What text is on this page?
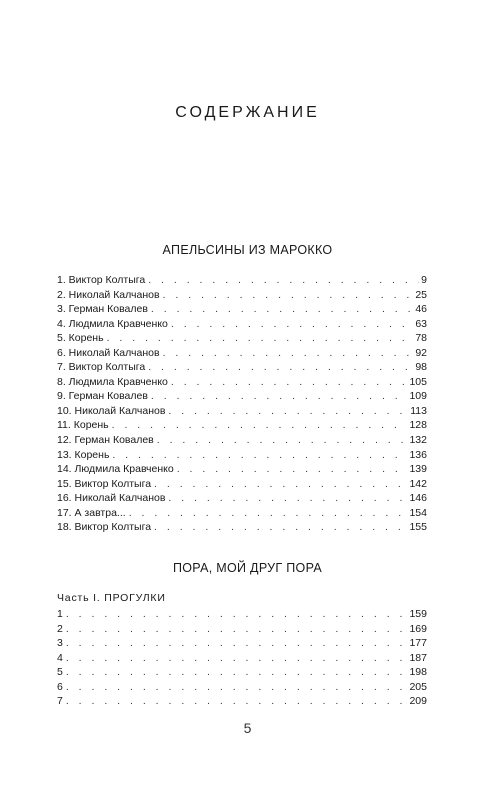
СОДЕРЖАНИЕ
АПЕЛЬСИНЫ ИЗ МАРОККО
1. Виктор Колтыга . . .	9
2. Николай Калчанов . . .	25
3. Герман Ковалев . . .	46
4. Людмила Кравченко . . .	63
5. Корень . . .	78
6. Николай Калчанов . . .	92
7. Виктор Колтыга . . .	98
8. Людмила Кравченко . . .	105
9. Герман Ковалев . . .	109
10. Николай Калчанов . . .	113
11. Корень . . .	128
12. Герман Ковалев . . .	132
13. Корень . . .	136
14. Людмила Кравченко . . .	139
15. Виктор Колтыга . . .	142
16. Николай Калчанов . . .	146
17. А завтра... . . .	154
18. Виктор Колтыга . . .	155
ПОРА, МОЙ ДРУГ ПОРА
Часть I. ПРОГУЛКИ
1 . . .	159
2 . . .	169
3 . . .	177
4 . . .	187
5 . . .	198
6 . . .	205
7 . . .	209
5
